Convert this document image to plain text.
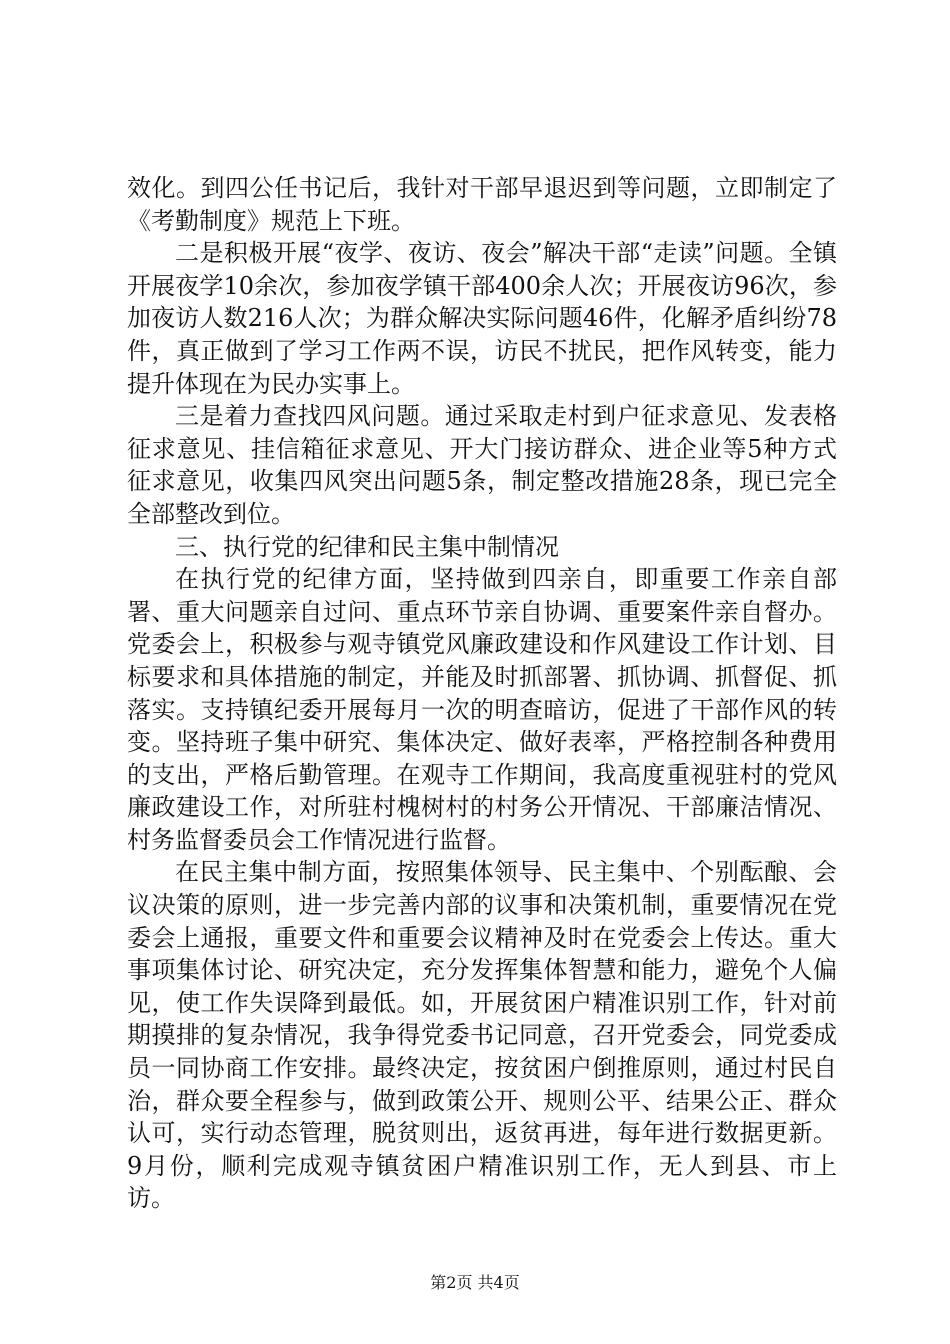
效化。到四公任书记后，我针对干部早退迟到等问题，立即制定了《考勤制度》规范上下班。

二是积极开展“夜学、夜访、夜会”解决干部“走读”问题。全镇开展夜学10余次，参加夜学镇干部400余人次；开展夜访96次，参加夜访人数216人次；为群众解决实际问题46件，化解矛盾纠纷78件，真正做到了学习工作两不误，访民不扰民，把作风转变，能力提升体现在为民办实事上。

三是着力查找四风问题。通过采取走村到户征求意见、发表格征求意见、挂信箱征求意见、开大门接访群众、进企业等5种方式征求意见，收集四风突出问题5条，制定整改措施28条，现已完全全部整改到位。

三、执行党的纪律和民主集中制情况

在执行党的纪律方面，坚持做到四亲自，即重要工作亲自部署、重大问题亲自过问、重点环节亲自协调、重要案件亲自督办。党委会上，积极参与观寺镇党风廉政建设和作风建设工作计划、目标要求和具体措施的制定，并能及时抓部署、抓协调、抓督促、抓落实。支持镇纪委开展每月一次的明查暗访，促进了干部作风的转变。坚持班子集中研究、集体决定、做好表率，严格控制各种费用的支出，严格后勤管理。在观寺工作期间，我高度重视驻村的党风廉政建设工作，对所驻村槐树村的村务公开情况、干部廉洁情况、村务监督委员会工作情况进行监督。

在民主集中制方面，按照集体领导、民主集中、个别酝酿、会议决策的原则，进一步完善内部的议事和决策机制，重要情况在党委会上通报，重要文件和重要会议精神及时在党委会上传达。重大事项集体讨论、研究决定，充分发挥集体智慧和能力，避免个人偏见，使工作失误降到最低。如，开展贫困户精准识别工作，针对前期摸排的复杂情况，我争得党委书记同意，召开党委会，同党委成员一同协商工作安排。最终决定，按贫困户倒推原则，通过村民自治，群众要全程参与，做到政策公开、规则公平、结果公正、群众认可，实行动态管理，脱贫则出，返贫再进，每年进行数据更新。9月份，顺利完成观寺镇贫困户精准识别工作，无人到县、市上访。

第2页 共4页
